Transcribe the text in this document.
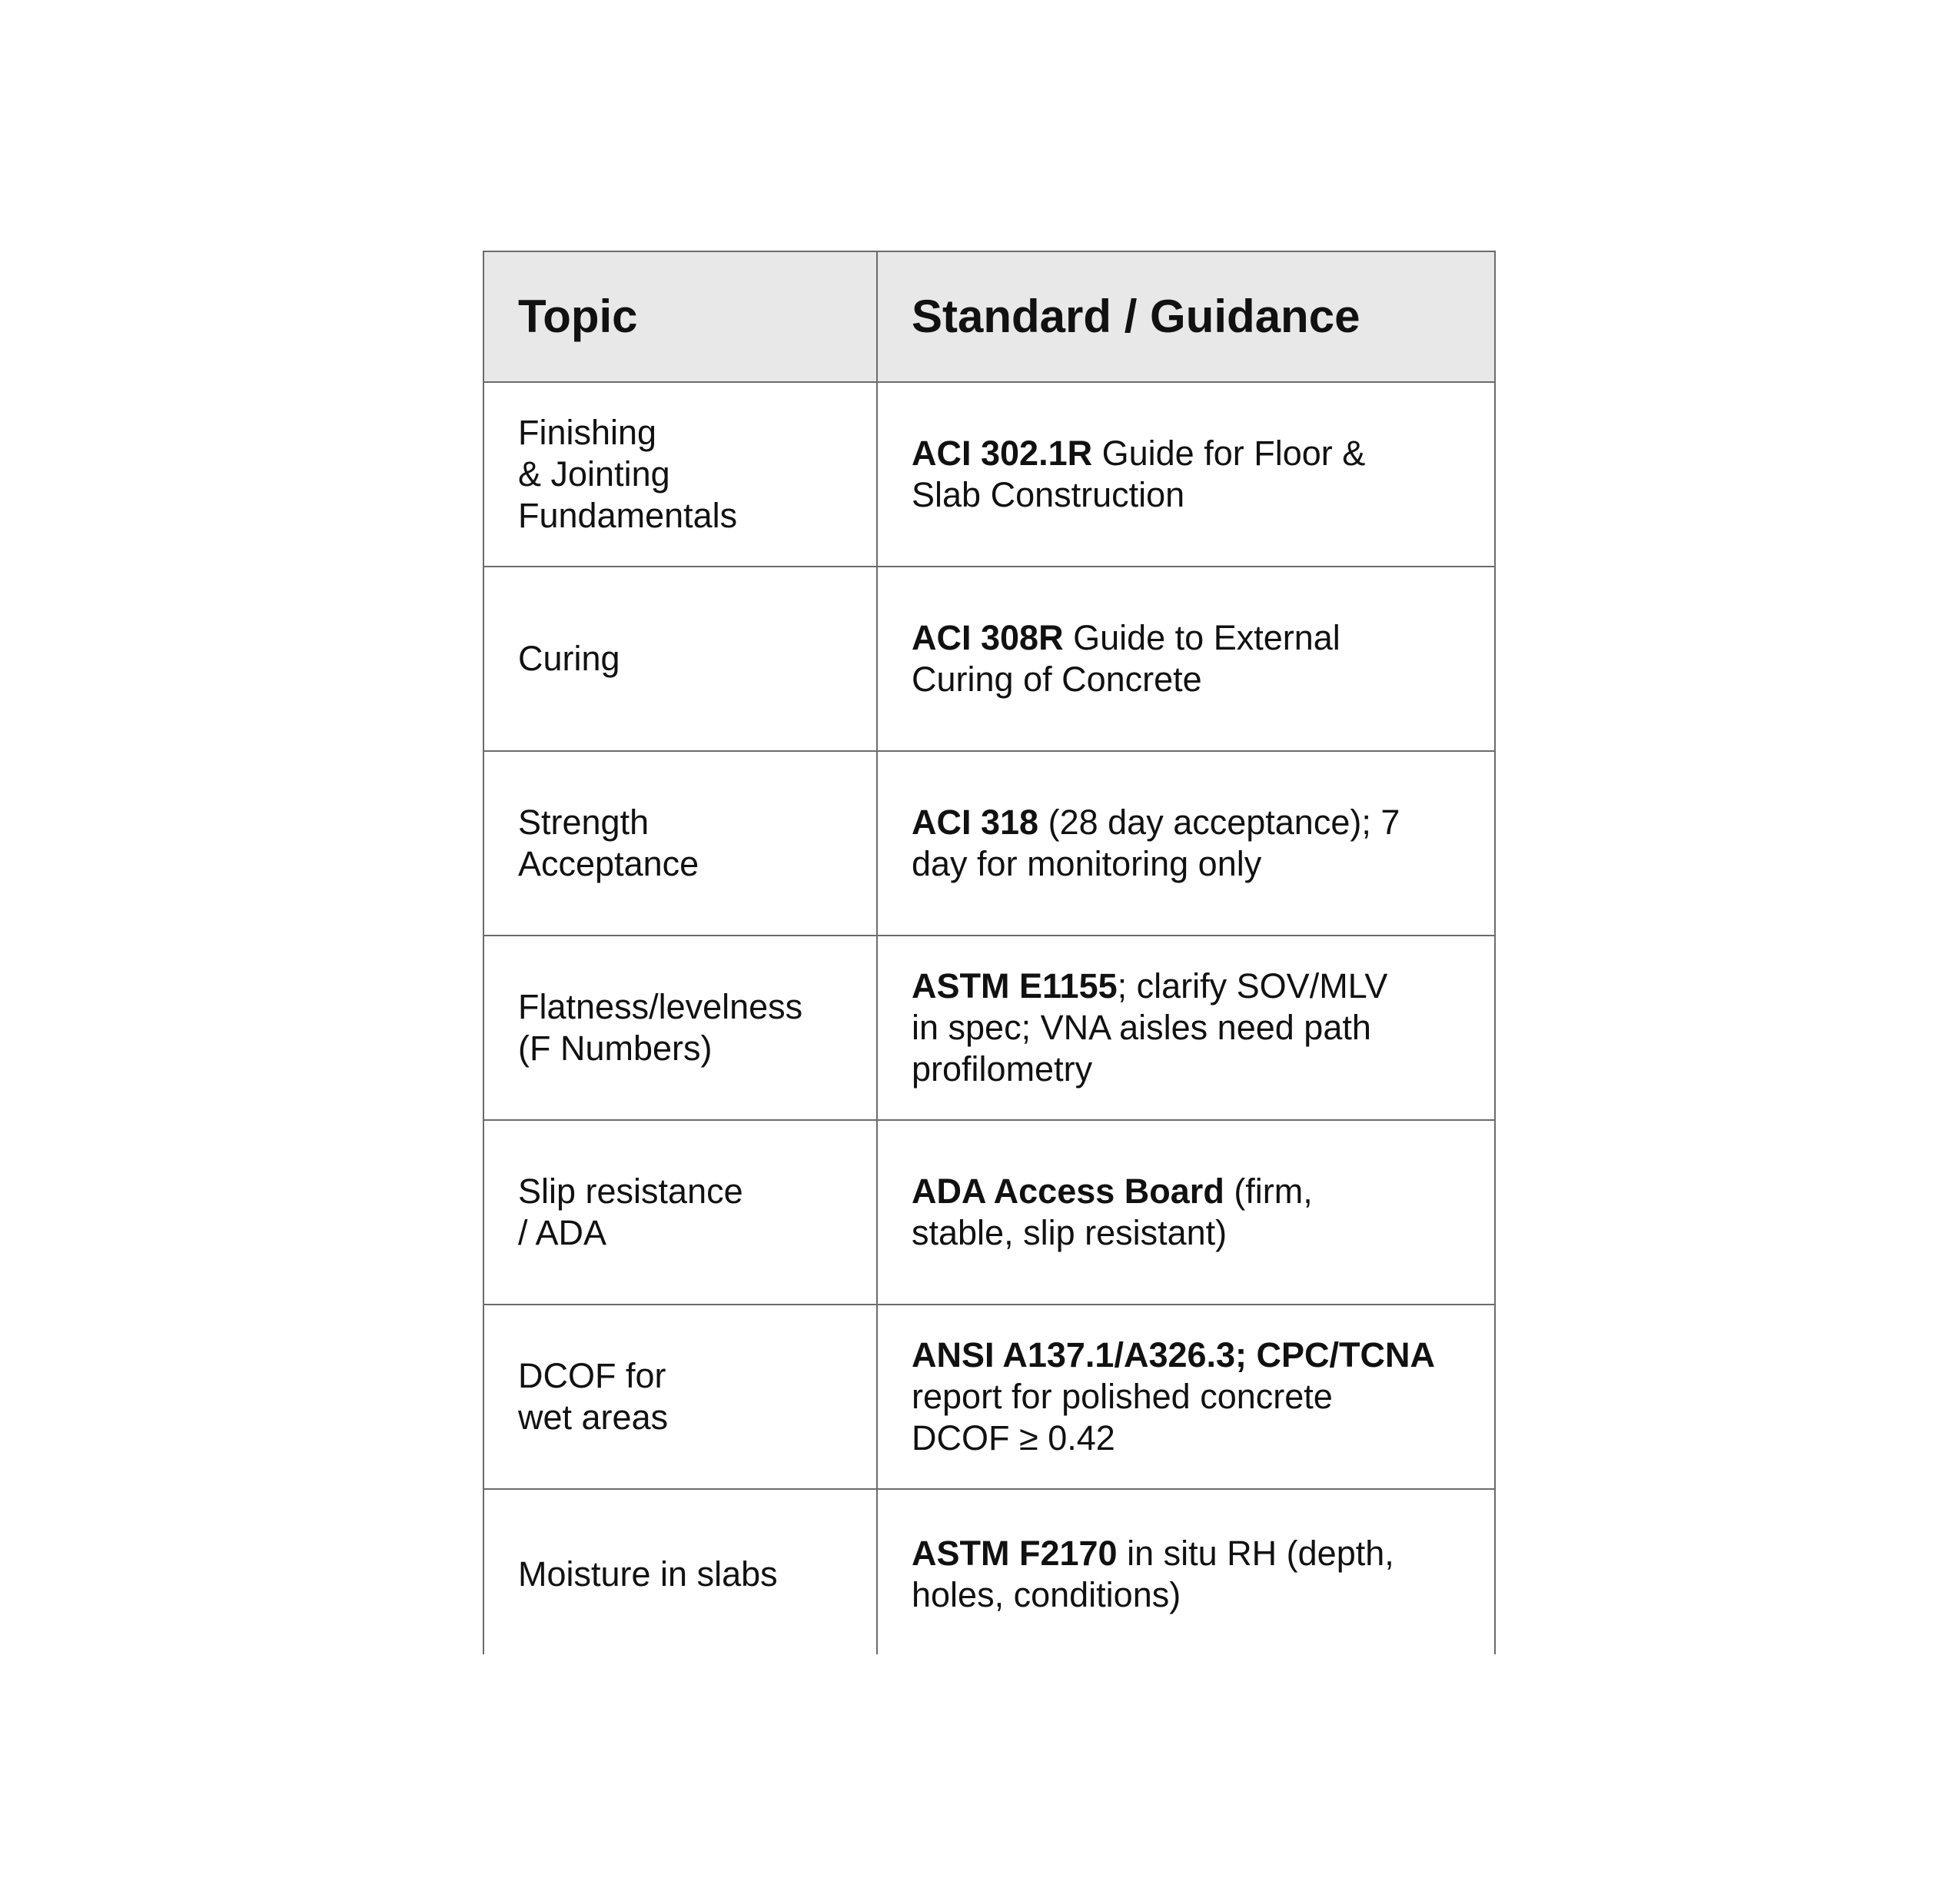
Topic	Standard / Guidance
Finishing
& Jointing
Fundamentals
ACI 302.1R Guide for Floor &
Slab Construction
Curing
ACI 308R Guide to External
Curing of Concrete
Strength
Acceptance
ACI 318 (28 day acceptance); 7
day for monitoring only
Flatness/levelness
(F Numbers)
ASTM E1155; clarify SOV/MLV
in spec; VNA aisles need path
profilometry
Slip resistance
/ ADA
ADA Access Board (firm,
stable, slip resistant)
DCOF for
wet areas
ANSI A137.1/A326.3; CPC/TCNA
report for polished concrete
DCOF ≥ 0.42
Moisture in slabs
ASTM F2170 in situ RH (depth,
holes, conditions)
